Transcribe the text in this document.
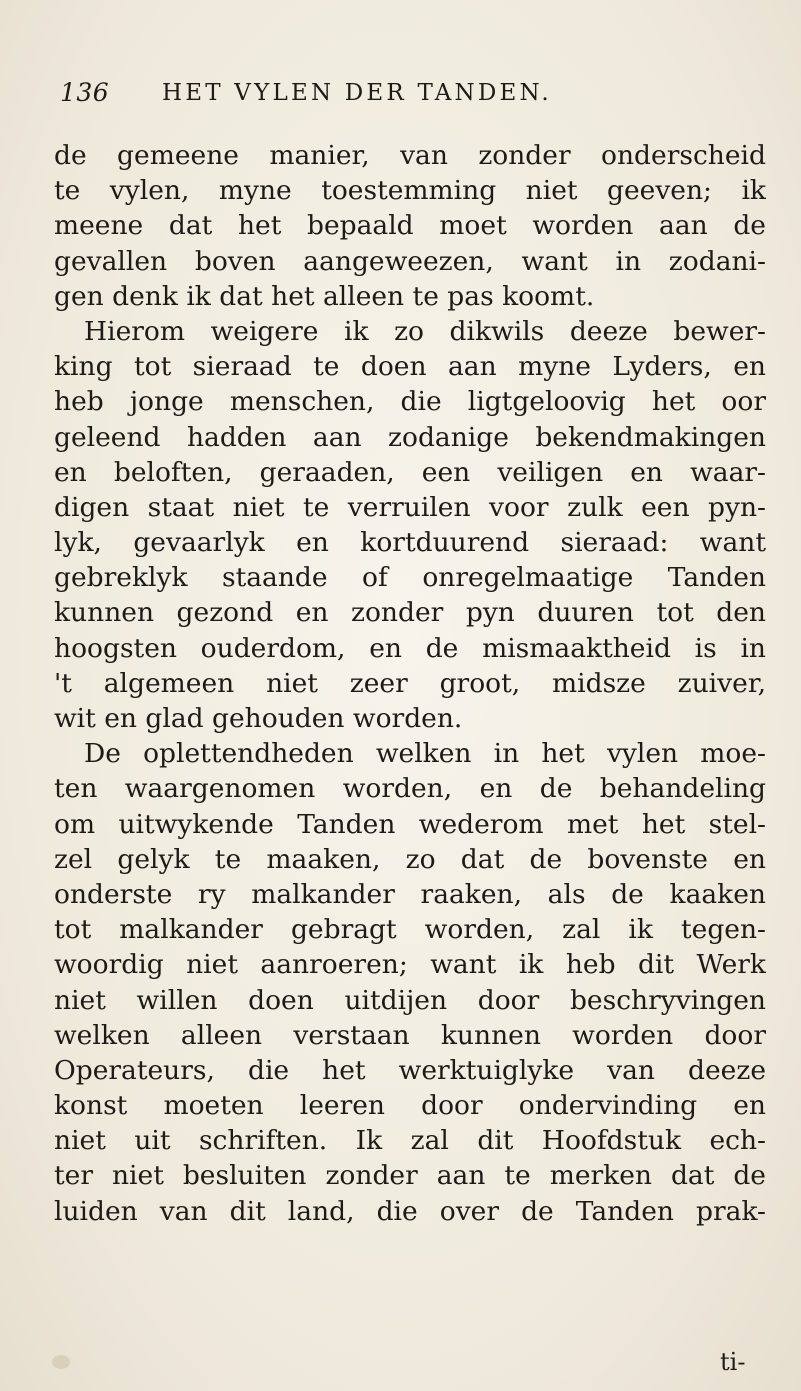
136 HET VYLEN DER TANDEN.
de gemeene manier, van zonder onderscheid
te vylen, myne toestemming niet geeven; ik
meene dat het bepaald moet worden aan de
gevallen boven aangeweezen, want in zodani-
gen denk ik dat het alleen te pas koomt.
Hierom weigere ik zo dikwils deeze bewer-
king tot sieraad te doen aan myne Lyders, en
heb jonge menschen, die ligtgeloovig het oor
geleend hadden aan zodanige bekendmakingen
en beloften, geraaden, een veiligen en waar-
digen staat niet te verruilen voor zulk een pyn-
lyk, gevaarlyk en kortduurend sieraad: want
gebreklyk staande of onregelmaatige Tanden
kunnen gezond en zonder pyn duuren tot den
hoogsten ouderdom, en de mismaaktheid is in
't algemeen niet zeer groot, midsze zuiver,
wit en glad gehouden worden.
De oplettendheden welken in het vylen moe-
ten waargenomen worden, en de behandeling
om uitwykende Tanden wederom met het stel-
zel gelyk te maaken, zo dat de bovenste en
onderste ry malkander raaken, als de kaaken
tot malkander gebragt worden, zal ik tegen-
woordig niet aanroeren; want ik heb dit Werk
niet willen doen uitdijen door beschryvingen
welken alleen verstaan kunnen worden door
Operateurs, die het werktuiglyke van deeze
konst moeten leeren door ondervinding en
niet uit schriften. Ik zal dit Hoofdstuk ech-
ter niet besluiten zonder aan te merken dat de
luiden van dit land, die over de Tanden prak-
ti-
